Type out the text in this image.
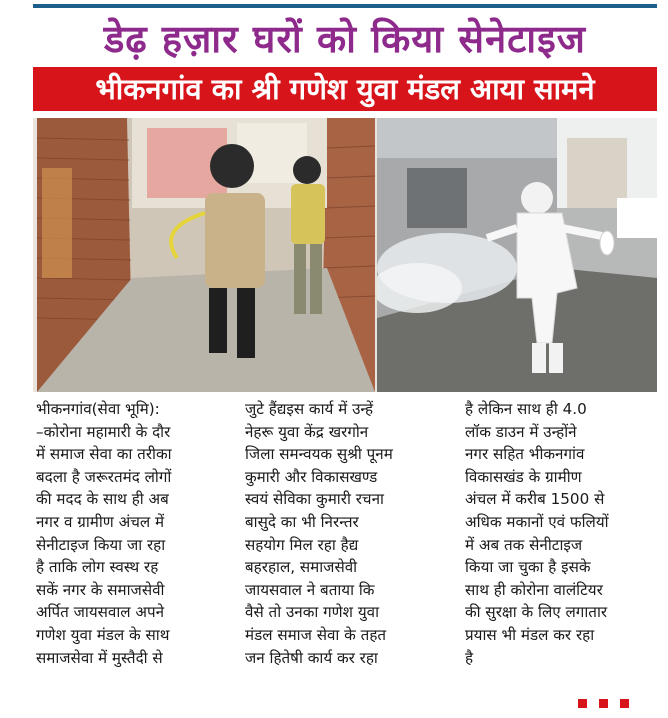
डेढ़ हज़ार घरों को किया सेनेटाइज
भीकनगांव का श्री गणेश युवा मंडल आया सामने
भीकनगांव(सेवा भूमि):
–कोरोना महामारी के दौर
में समाज सेवा का तरीका
बदला है जरूरतमंद लोगों
की मदद के साथ ही अब
नगर व ग्रामीण अंचल में
सेनीटाइज किया जा रहा
है ताकि लोग स्वस्थ रह
सकें नगर के समाजसेवी
अर्पित जायसवाल अपने
गणेश युवा मंडल के साथ
समाजसेवा में मुस्तैदी से
जुटे हैंद्यइस कार्य में उन्हें
नेहरू युवा केंद्र खरगोन
जिला समन्वयक सुश्री पूनम
कुमारी और विकासखण्ड
स्वयं सेविका कुमारी रचना
बासुदे का भी निरन्तर
सहयोग मिल रहा हैद्य
बहरहाल, समाजसेवी
जायसवाल ने बताया कि
वैसे तो उनका गणेश युवा
मंडल समाज सेवा के तहत
जन हितेषी कार्य कर रहा
है लेकिन साथ ही 4.0
लॉक डाउन में उन्होंने
नगर सहित भीकनगांव
विकासखंड के ग्रामीण
अंचल में करीब 1500 से
अधिक मकानों एवं फलियों
में अब तक सेनीटाइज
किया जा चुका है इसके
साथ ही कोरोना वालंटियर
की सुरक्षा के लिए लगातार
प्रयास भी मंडल कर रहा
है
